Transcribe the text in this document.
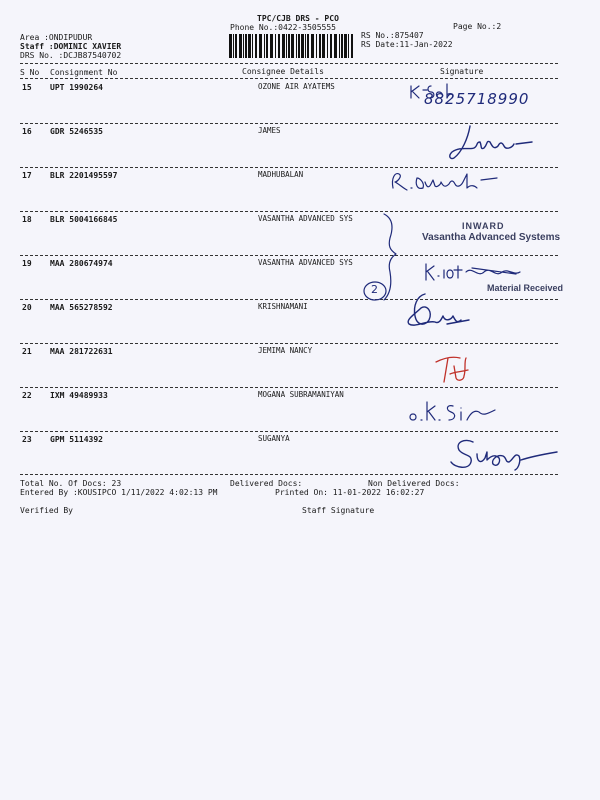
TPC/CJB DRS - PCO
Phone No.:0422-3505555	Page No.:2
Area :ONDIPUDUR
Staff :DOMINIC XAVIER
DRS No. :DCJB87540702
RS No.:875407
RS Date:11-Jan-2022
S No Consignment No	Consignee Details	Signature
15 UPT 1990264	OZONE AIR AYATEMS
16 GDR 5246535	JAMES
17 BLR 2201495597	MADHUBALAN
18 BLR 5004166845	VASANTHA ADVANCED SYS
19 MAA 280674974	VASANTHA ADVANCED SYS
20 MAA 565278592	KRISHNAMANI
21 MAA 281722631	JEMIMA NANCY
22 IXM 49489933	MOGANA SUBRAMANIYAN
23 GPM 5114392	SUGANYA
8825718990
2
INWARD
Vasantha Advanced Systems
Material Received
Total No. Of Docs: 23	Delivered Docs:	Non Delivered Docs:
Entered By :KOUSIPCO 1/11/2022 4:02:13 PM	Printed On: 11-01-2022 16:02:27
Verified By	Staff Signature
